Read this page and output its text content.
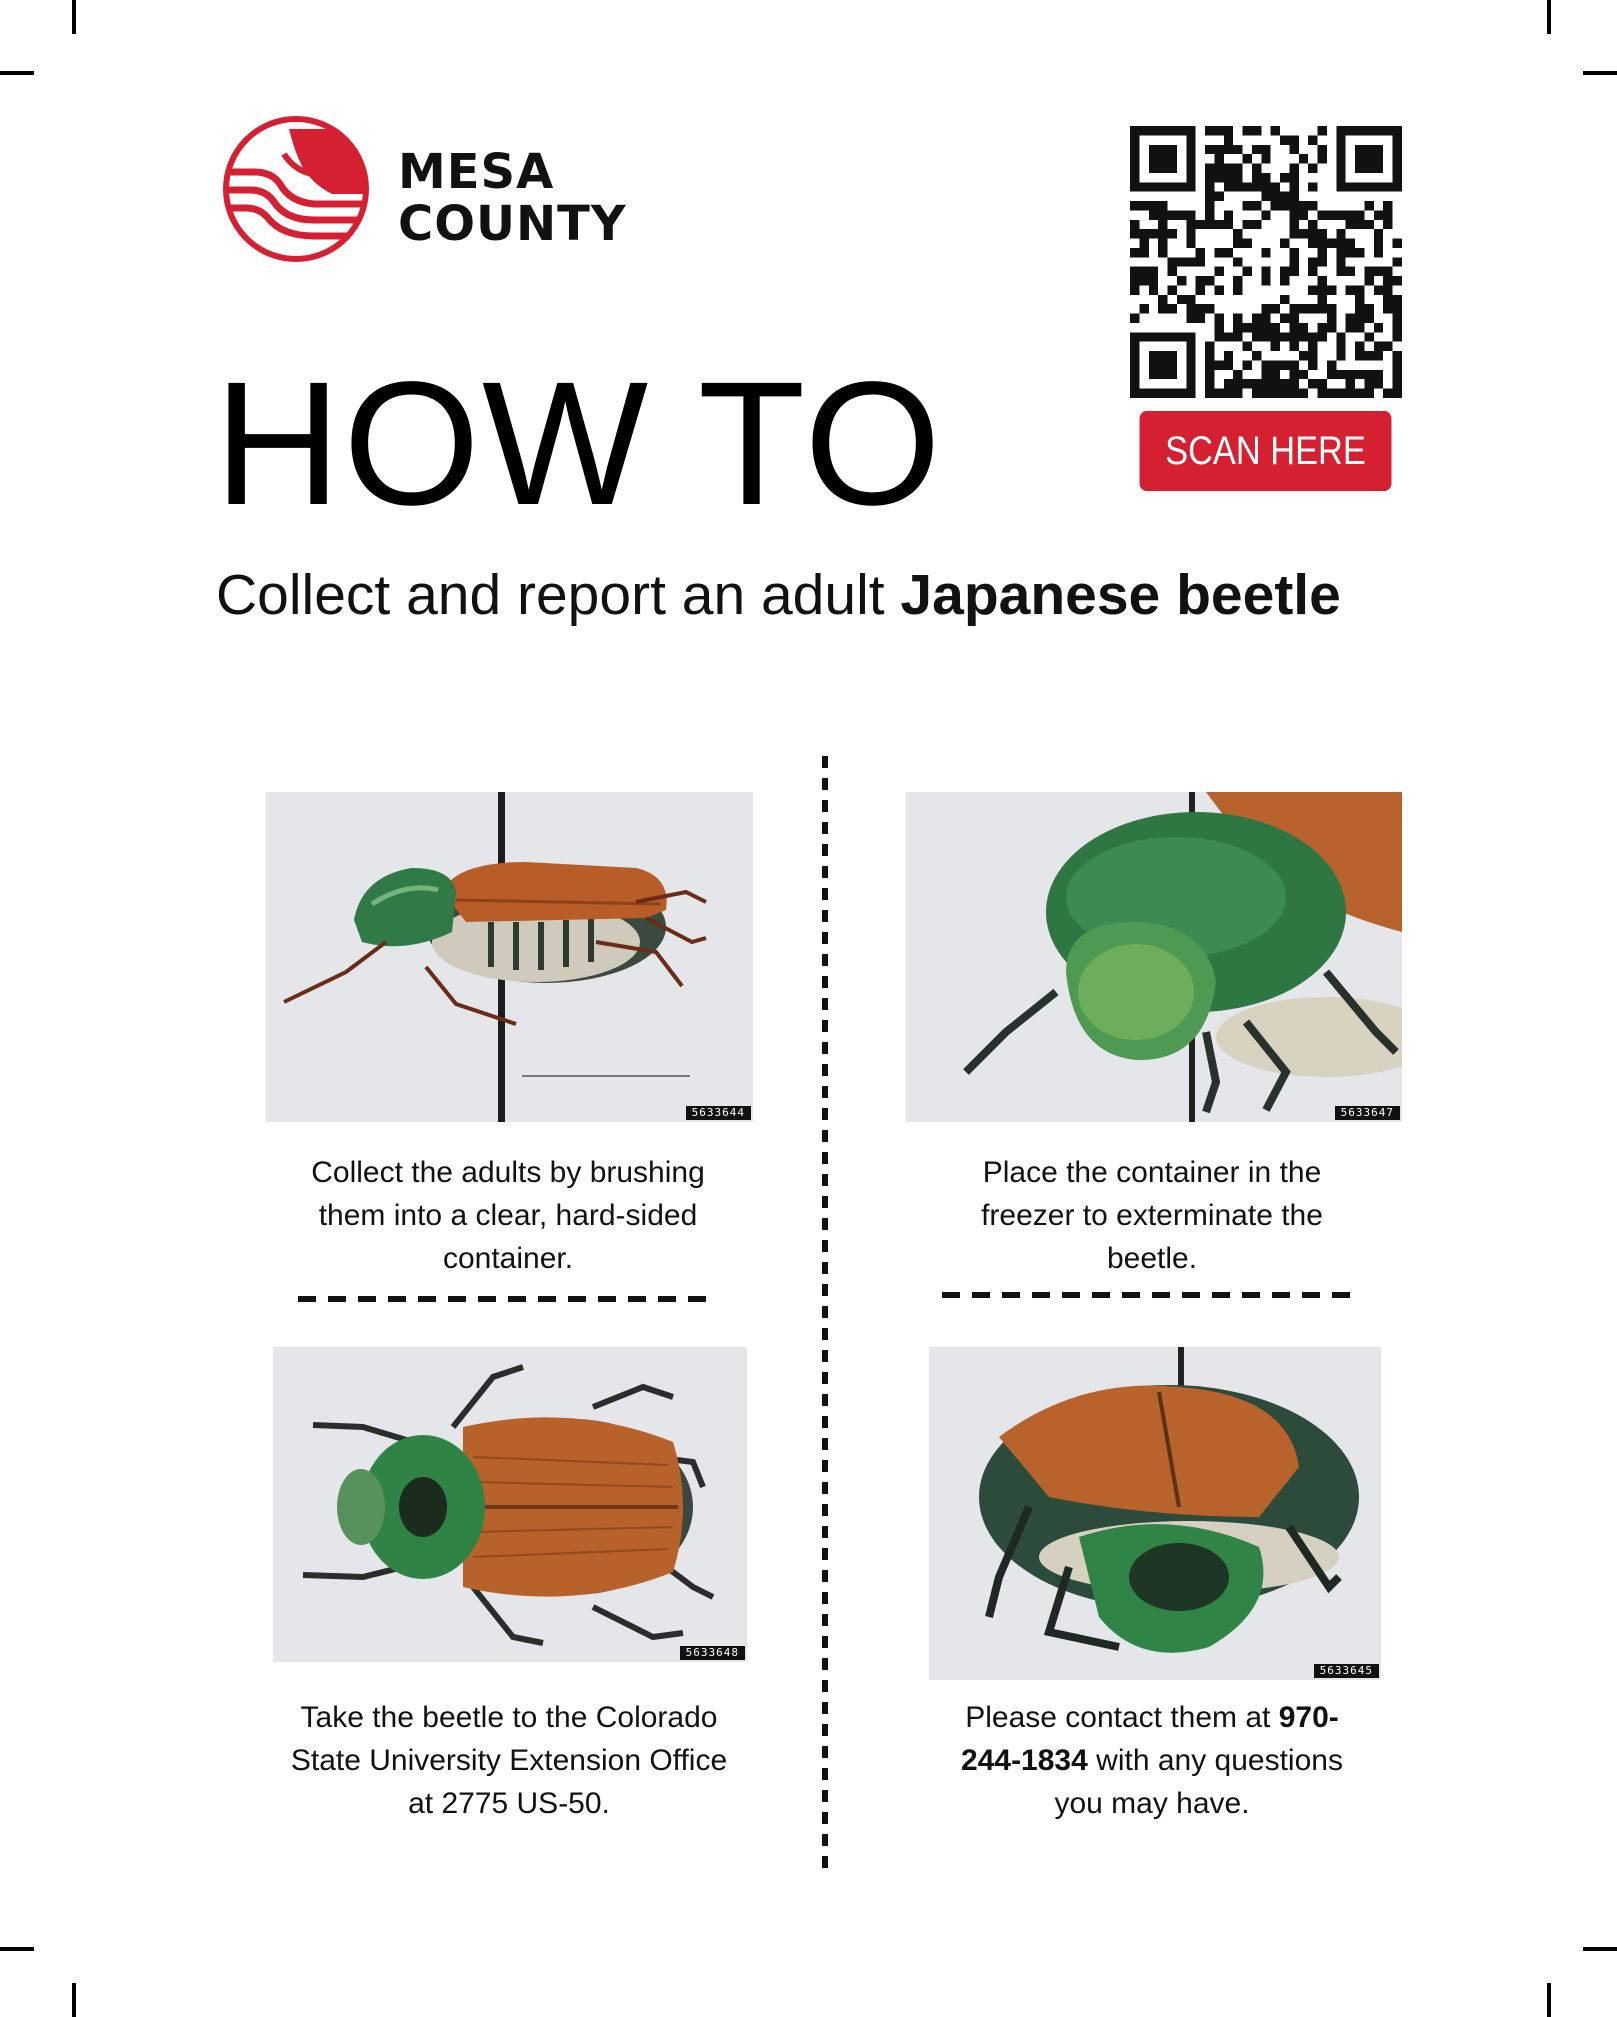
MESA
COUNTY

HOW TO

Collect and report an adult Japanese beetle

SCAN HERE
5633644	5633647
5633648
5633645

Collect the adults by brushing them into a clear, hard-sided container.

Place the container in the freezer to exterminate the beetle.

Take the beetle to the Colorado State University Extension Office at 2775 US-50.

Please contact them at 970-244-1834 with any questions you may have.
